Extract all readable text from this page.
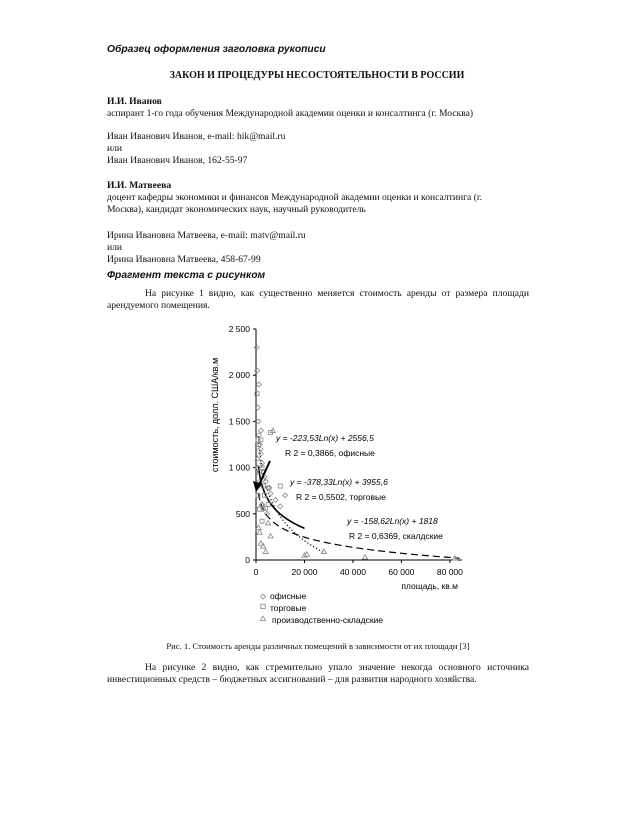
Образец оформления заголовка рукописи
ЗАКОН И ПРОЦЕДУРЫ НЕСОСТОЯТЕЛЬНОСТИ В РОССИИ
И.И. Иванов
аспирант 1-го года обучения Международной академии оценки и консалтинга (г. Москва)
Иван Иванович Иванов, e-mail: hik@mail.ru
или
Иван Иванович Иванов, 162-55-97
И.И. Матвеева
доцент кафедры экономики и финансов Международной академии оценки и консалтинга (г.
Москва), кандидат экономических наук, научный руководитель
Ирина Ивановна Матвеева, e-mail: matv@mail.ru
или
Ирина Ивановна Матвеева, 458-67-99
Фрагмент текста с рисунком
На рисунке 1 видно, как существенно меняется стоимость аренды от размера площади арендуемого помещения.
0
500
1 000
1 500
2 000
2 500
0	20 000	40 000	60 000	80 000
стоимость, долл. США/кв.м
площадь, кв.м
y = -223,53Ln(x) + 2556,5
R 2 = 0,3866, офисные
y = -378,33Ln(x) + 3955,6
R 2 = 0,5502, торговые
y = -158,62Ln(x) + 1818
R 2 = 0,6369, скалдские
офисные
торговые
производственно-складские
Рис. 1. Стоимость аренды различных помещений в зависимости от их площади [3]
На рисунке 2 видно, как стремительно упало значение некогда основного источника инвестиционных средств – бюджетных ассигнований – для развития народного хозяйства.
